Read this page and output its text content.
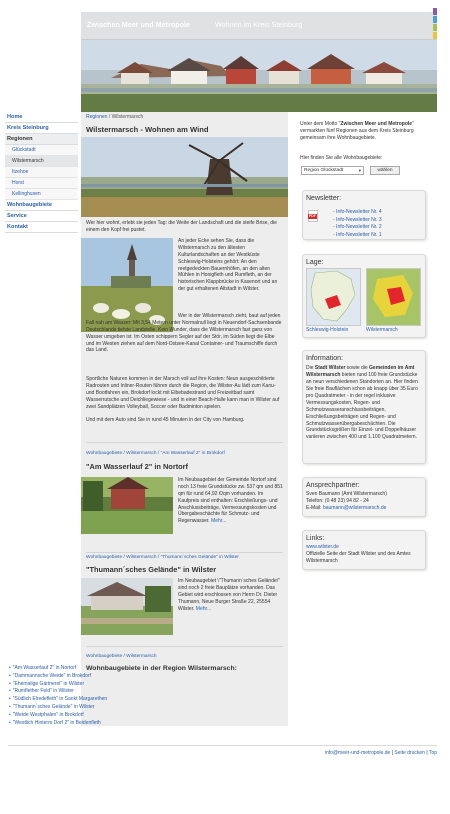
Zwischen Meer und Metropole	Wohnen im Kreis Steinburg
Home
Kreis Steinburg
Regionen
Glückstadt
Wilstermarsch
Itzehoe
Horst
Kellinghusen
Wohnbaugebiete
Service
Kontakt
Regionen / Wilstermarsch
Wilstermarsch - Wohnen am Wind

Wer hier wohnt, erlebt sie jeden Tag: die Weite der Landschaft und die steife Brise, die einem den Kopf frei pustet.

An jeder Ecke sehen Sie, dass die Wilstermarsch zu den ältesten Kulturlandschaften an der Westküste Schleswig-Holsteins gehört: An den reetgedeckten Bauernhöfen, an den alten Mühlen in Honigfleth und Rumfleth, an der historischen Klappbrücke in Kasenort und an der gut erhaltenen Altstadt in Wilster.

Wer in der Wilstermarsch zieht, baut auf jeden Fall nah am Wasser: Mit 3,54 Metern unter Normalnull liegt in Neuendorf-Sachsenbande Deutschlands tiefste Landstelle. Kein Wunder, dass die Wilstermarsch fast ganz von Wasser umgeben ist. Im Osten schippern Segler auf der Stör, im Süden liegt die Elbe und im Westen ziehen auf dem Nord-Ostsee-Kanal Container- und Traumschiffe durch das Land.

Sportliche Naturen kommen in der Marsch voll auf ihre Kosten: Neun ausgeschilderte Radrouten und Inliner-Routen führen durch die Region, die Wilster-Au lädt zum Kanu- und Bootfahren ein, Brokdorf lockt mit Elbebadestrand und Freizeitbad samt Wasserrutsche und Deichliegewiese - und in einer Beach-Halle kann man in Wilster auf zwei Sandplätzen Volleyball, Soccer oder Badminton spielen.

Und mit dem Auto sind Sie in rund 45 Minuten in der City von Hamburg.

Wohnbaugebiete / Wilstermarsch / "Am Wasserlauf 2" in Brokdorf
"Am Wasserlauf 2" in Nortorf

Im Neubaugebiet der Gemeinde Nortorf sind noch 13 freie Grundstücke zw. 537 qm und 851 qm für rund 64,92 €/qm vorhanden. Im Kaufpreis sind enthalten: Erschließungs- und Anschlussbeiträge, Vermessungskosten und Übergabeschächte für Schmutz- und Regenwasser. Mehr...

Wohnbaugebiete / Wilstermarsch / "Thumann´sches Gelände" in Wilster
"Thumann´sches Gelände" in Wilster

Im Neubaugebiet \"Thumann´sches Gelände\" sind noch 2 freie Bauplätze vorhanden. Das Gebiet wird erschlossen von Herrn Dr. Dieter Thumann, Neue Burger Straße 22, 25554 Wilster. Mehr...

Wohnbaugebiete / Wilstermarsch
Wohnbaugebiete in der Region Wilstermarsch:
• "Am Wasserlauf 2" in Nortorf
• "Dammannsche Weide" in Brokdorf
• "Ehemalige Gärtnerei" in Wilster
• "Rumflether Feld" in Wilster
• "Südlich Elredefleth" in Sankt Margarethen
• "Thumann´sches Gelände" in Wilster
• "Weide Westphalen" in Brokdorf
• "Westlich Hinterm Dorf 2" in Beidenfleth

Unter dem Motto "Zwischen Meer und Metropole" vermarkten fünf Regionen aus dem Kreis Steinburg gemeinsam ihre Wohnbaugebiete.

Hier finden Sie alle Wohnbaugebiete:

Region Glückstadt	▾	wählen
Newsletter:
PDF
- Info-Newsletter Nr. 4
- Info-Newsletter Nr. 3
- Info-Newsletter Nr. 2
- Info-Newsletter Nr. 1
Lage:
Schleswig-Holstein	Wilstermarsch
Information:

Die Stadt Wilster sowie die Gemeinden im Amt Wilstermarsch bieten rund 100 freie Grundstücke an neun verschiedenen Standorten an. Hier finden Sie freie Bauflächen schon ab knapp über 35 Euro pro Quadratmeter - in der regel inklusive Vermessungskosten, Regen- und Schmutzwasseranschlussbeiträgen, Erschließungsbeiträgen und Regen- und Schmutzwasserübergabeschächten. Die Grundstücksgrößen für Einzel- und Doppelhäuser variieren zwischen 400 und 1.100 Quadratmetern.

Ansprechpartner:

Sven Baumann (Amt Wilstermarsch)

Telefon: (0 48 23) 94 82 - 24

E-Mail: baumann@wilstermarsch.de

Links:

www.wilster.de
Offizielle Seite der Stadt Wilster und des Amtes Wilstermarsch

info@meer-und-metropole.de | Seite drucken | Top
